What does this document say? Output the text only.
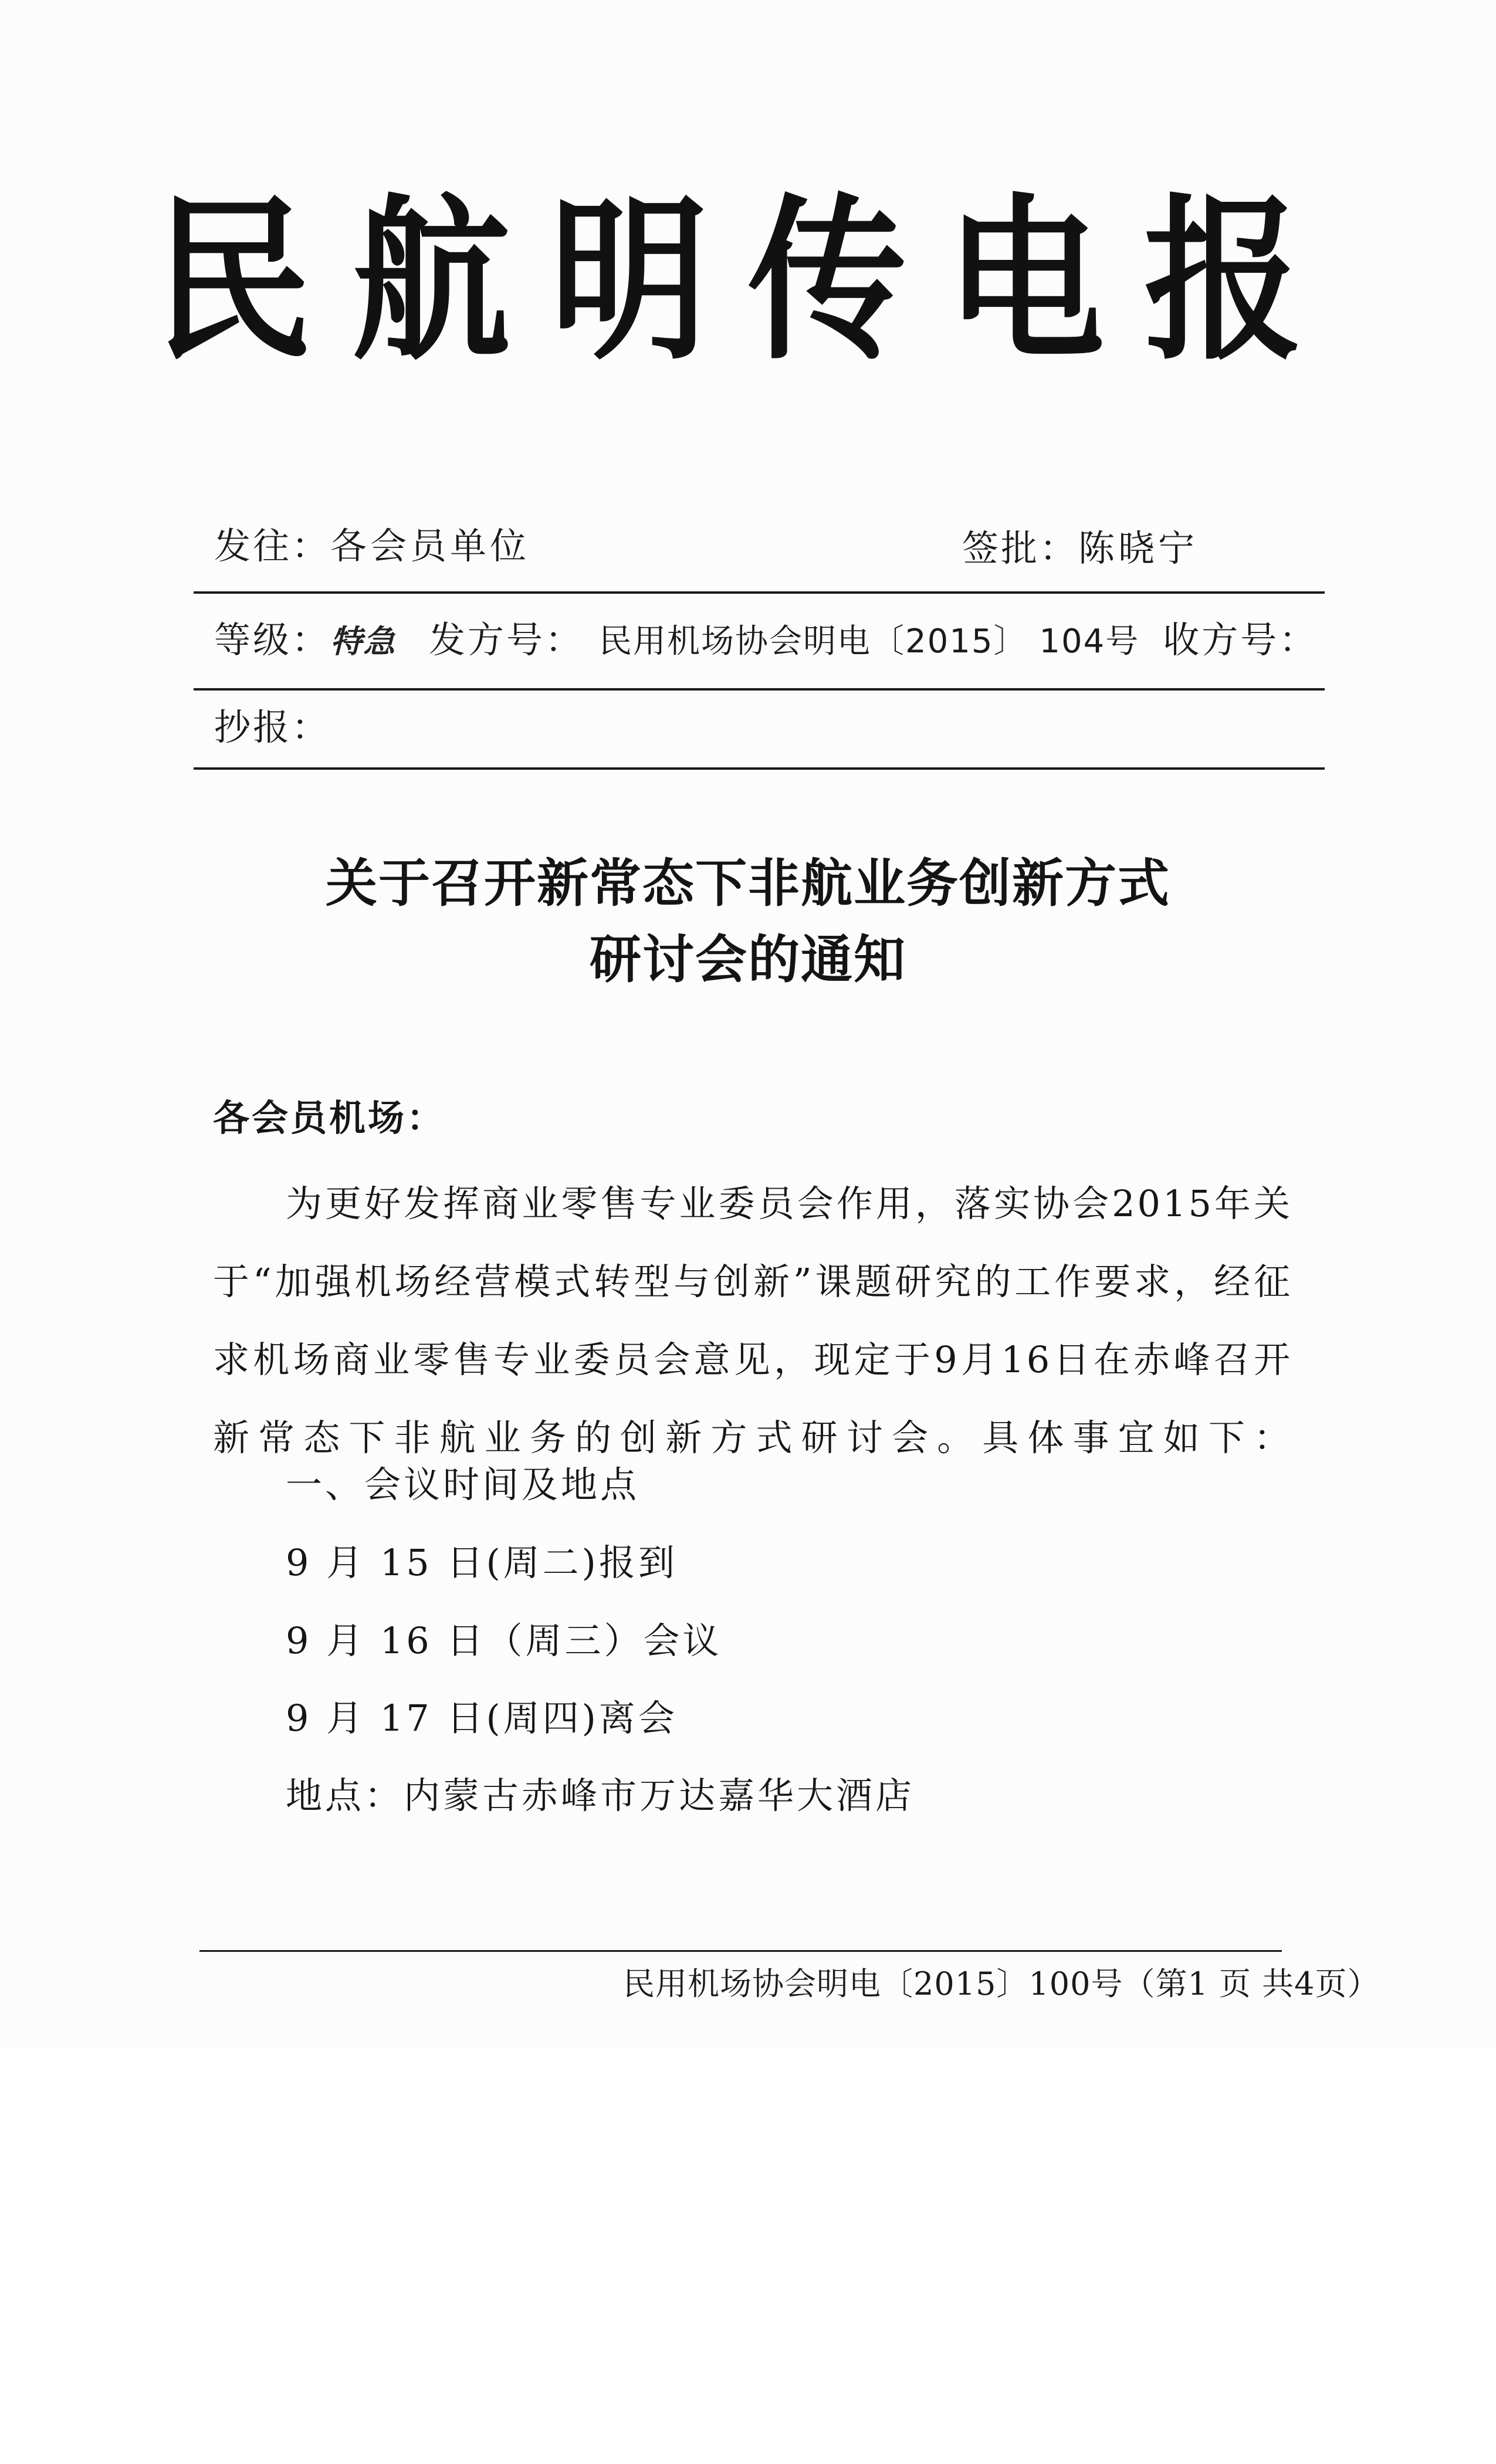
民航明传电报
发往：各会员单位	签批：陈晓宁
等级：特急 发方号： 民用机场协会明电〔2015〕 104号 收方号：
抄报：
关于召开新常态下非航业务创新方式
研讨会的通知
各会员机场：
为更好发挥商业零售专业委员会作用，落实协会2015年关于“加强机场经营模式转型与创新”课题研究的工作要求，经征求机场商业零售专业委员会意见，现定于9月16日在赤峰召开新常态下非航业务的创新方式研讨会。具体事宜如下：
一、会议时间及地点
9 月 15 日(周二)报到
9 月 16 日（周三）会议
9 月 17 日(周四)离会
地点：内蒙古赤峰市万达嘉华大酒店
民用机场协会明电〔2015〕100号（第1 页 共4页）
